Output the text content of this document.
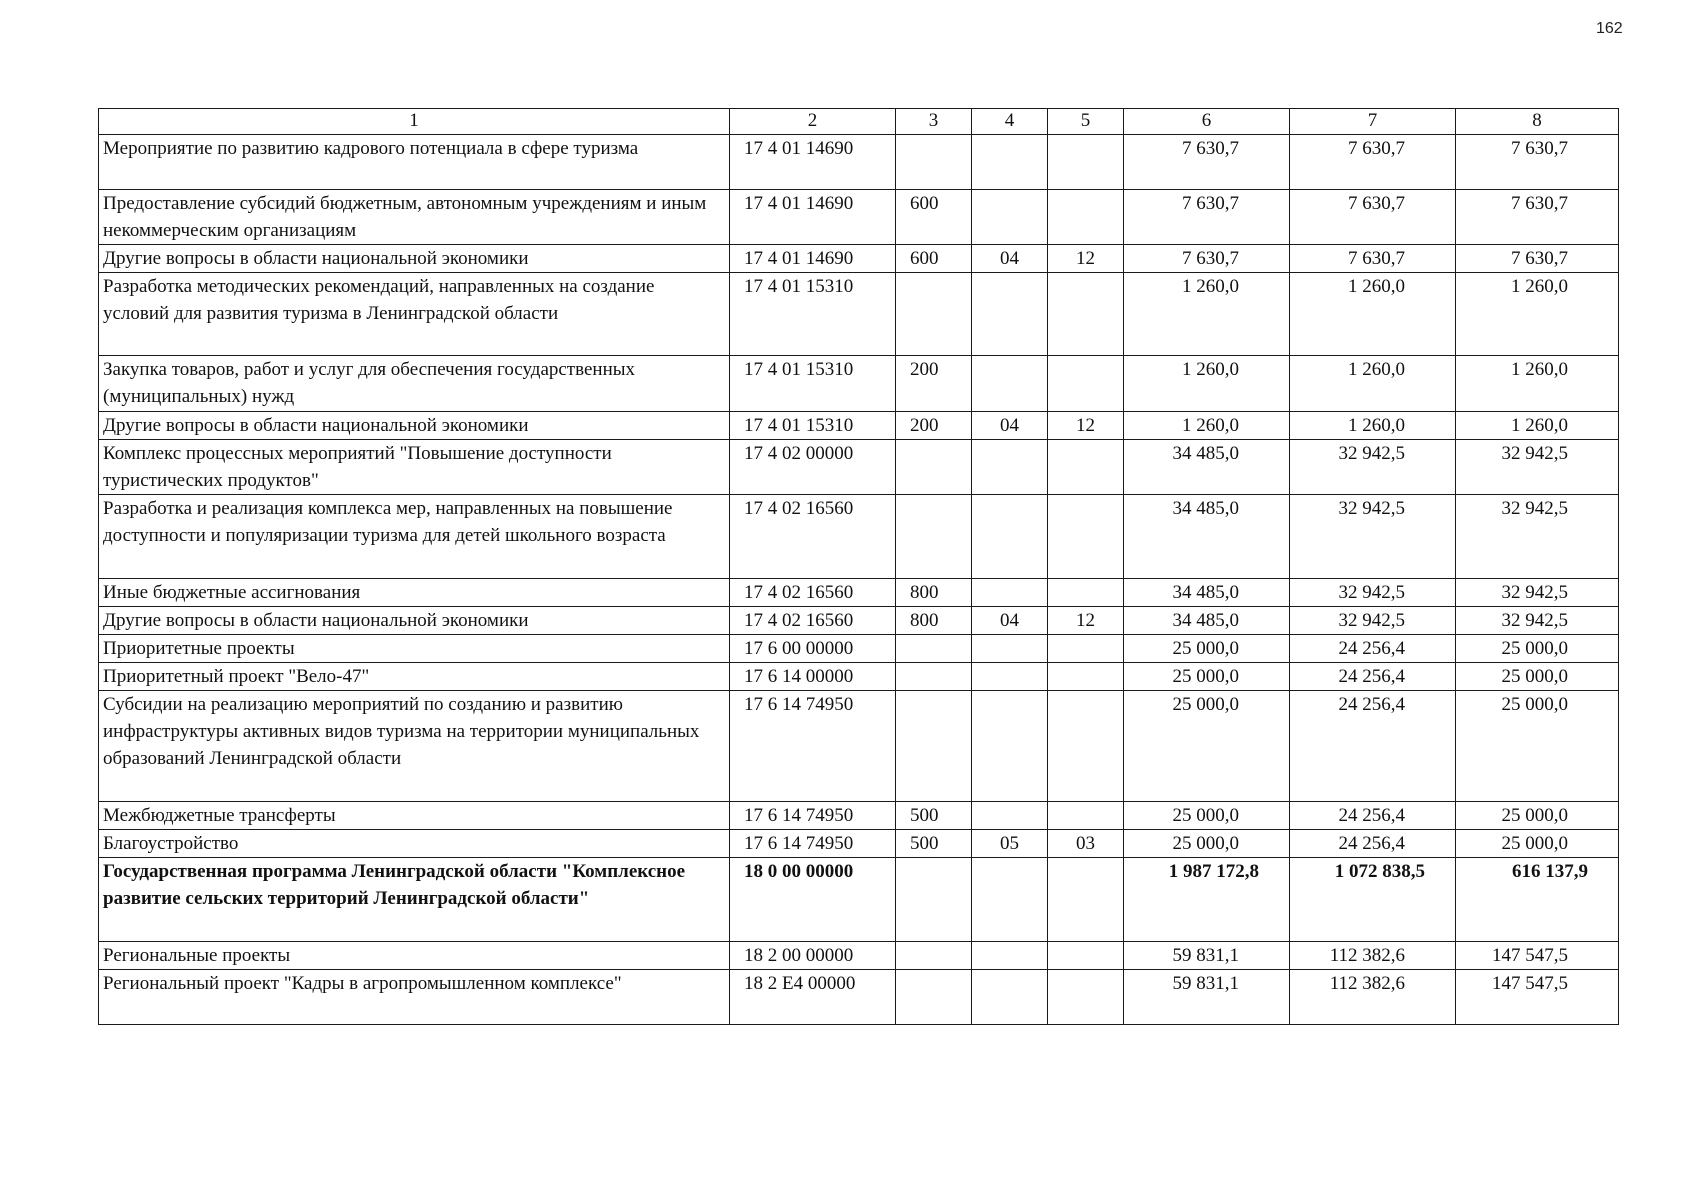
162
1	2	3	4	5	6	7	8
Мероприятие по развитию кадрового потенциала в сфере туризма	17 4 01 14690				7 630,7	7 630,7	7 630,7
Предоставление субсидий бюджетным, автономным учреждениям и иным некоммерческим организациям	17 4 01 14690	600			7 630,7	7 630,7	7 630,7
Другие вопросы в области национальной экономики	17 4 01 14690	600	04	12	7 630,7	7 630,7	7 630,7
Разработка методических рекомендаций, направленных на создание условий для развития туризма в Ленинградской области	17 4 01 15310				1 260,0	1 260,0	1 260,0
Закупка товаров, работ и услуг для обеспечения государственных (муниципальных) нужд	17 4 01 15310	200			1 260,0	1 260,0	1 260,0
Другие вопросы в области национальной экономики	17 4 01 15310	200	04	12	1 260,0	1 260,0	1 260,0
Комплекс процессных мероприятий "Повышение доступности туристических продуктов"	17 4 02 00000				34 485,0	32 942,5	32 942,5
Разработка и реализация комплекса мер, направленных на повышение доступности и популяризации туризма для детей школьного возраста	17 4 02 16560				34 485,0	32 942,5	32 942,5
Иные бюджетные ассигнования	17 4 02 16560	800			34 485,0	32 942,5	32 942,5
Другие вопросы в области национальной экономики	17 4 02 16560	800	04	12	34 485,0	32 942,5	32 942,5
Приоритетные проекты	17 6 00 00000				25 000,0	24 256,4	25 000,0
Приоритетный проект "Вело-47"	17 6 14 00000				25 000,0	24 256,4	25 000,0
Субсидии на реализацию мероприятий по созданию и развитию инфраструктуры активных видов туризма на территории муниципальных образований Ленинградской области	17 6 14 74950				25 000,0	24 256,4	25 000,0
Межбюджетные трансферты	17 6 14 74950	500			25 000,0	24 256,4	25 000,0
Благоустройство	17 6 14 74950	500	05	03	25 000,0	24 256,4	25 000,0
Государственная программа Ленинградской области "Комплексное развитие сельских территорий Ленинградской области"	18 0 00 00000				1 987 172,8	1 072 838,5	616 137,9
Региональные проекты	18 2 00 00000				59 831,1	112 382,6	147 547,5
Региональный проект "Кадры в агропромышленном комплексе"	18 2 Е4 00000				59 831,1	112 382,6	147 547,5
